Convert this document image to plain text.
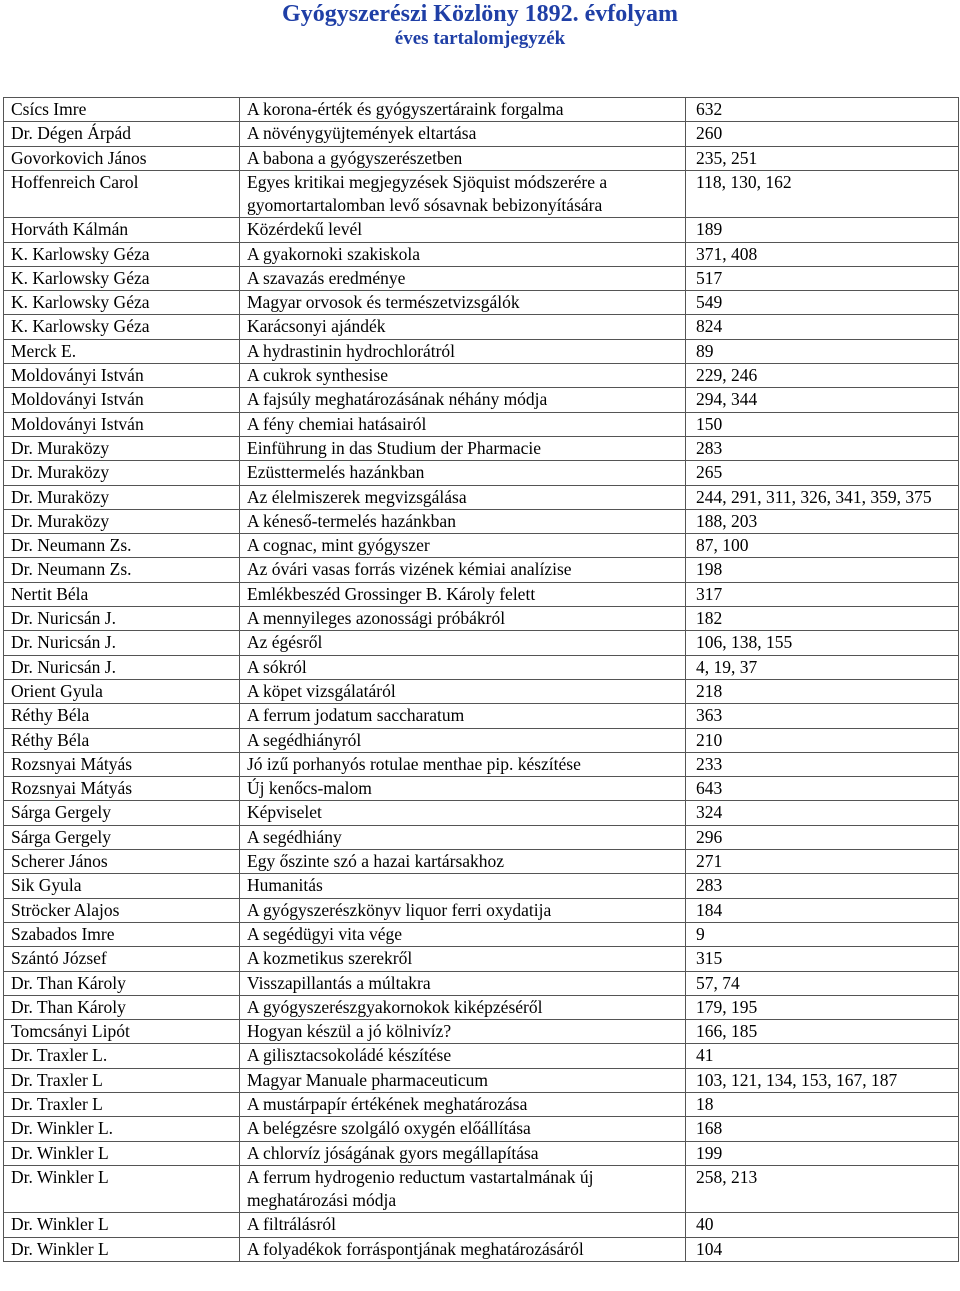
Gyógyszerészi Közlöny 1892. évfolyam
éves tartalomjegyzék
Csícs Imre	A korona-érték és gyógyszertáraink forgalma	632
Dr. Dégen Árpád	A növénygyüjtemények eltartása	260
Govorkovich János	A babona a gyógyszerészetben	235, 251
Hoffenreich Carol	Egyes kritikai megjegyzések Sjöquist módszerére a gyomortartalomban levő sósavnak bebizonyítására	118, 130, 162
Horváth Kálmán	Közérdekű levél	189
K. Karlowsky Géza	A gyakornoki szakiskola	371, 408
K. Karlowsky Géza	A szavazás eredménye	517
K. Karlowsky Géza	Magyar orvosok és természetvizsgálók	549
K. Karlowsky Géza	Karácsonyi ajándék	824
Merck E.	A hydrastinin hydrochlorátról	89
Moldoványi István	A cukrok synthesise	229, 246
Moldoványi István	A fajsúly meghatározásának néhány módja	294, 344
Moldoványi István	A fény chemiai hatásairól	150
Dr. Muraközy	Einführung in das Studium der Pharmacie	283
Dr. Muraközy	Ezüsttermelés hazánkban	265
Dr. Muraközy	Az élelmiszerek megvizsgálása	244, 291, 311, 326, 341, 359, 375
Dr. Muraközy	A kéneső-termelés hazánkban	188, 203
Dr. Neumann Zs.	A cognac, mint gyógyszer	87, 100
Dr. Neumann Zs.	Az óvári vasas forrás vizének kémiai analízise	198
Nertit Béla	Emlékbeszéd Grossinger B. Károly felett	317
Dr. Nuricsán J.	A mennyileges azonossági próbákról	182
Dr. Nuricsán J.	Az égésről	106, 138, 155
Dr. Nuricsán J.	A sókról	4, 19, 37
Orient Gyula	A köpet vizsgálatáról	218
Réthy Béla	A ferrum jodatum saccharatum	363
Réthy Béla	A segédhiányról	210
Rozsnyai Mátyás	Jó izű porhanyós rotulae menthae pip. készítése	233
Rozsnyai Mátyás	Új kenőcs-malom	643
Sárga Gergely	Képviselet	324
Sárga Gergely	A segédhiány	296
Scherer János	Egy őszinte szó a hazai kartársakhoz	271
Sik Gyula	Humanitás	283
Ströcker Alajos	A gyógyszerészkönyv liquor ferri oxydatija	184
Szabados Imre	A segédügyi vita vége	9
Szántó József	A kozmetikus szerekről	315
Dr. Than Károly	Visszapillantás a múltakra	57, 74
Dr. Than Károly	A gyógyszerészgyakornokok kiképzéséről	179, 195
Tomcsányi Lipót	Hogyan készül a jó kölnivíz?	166, 185
Dr. Traxler L.	A gilisztacsokoládé készítése	41
Dr. Traxler L	Magyar Manuale pharmaceuticum	103, 121, 134, 153, 167, 187
Dr. Traxler L	A mustárpapír értékének meghatározása	18
Dr. Winkler L.	A belégzésre szolgáló oxygén előállítása	168
Dr. Winkler L	A chlorvíz jóságának gyors megállapítása	199
Dr. Winkler L	A ferrum hydrogenio reductum vastartalmának új meghatározási módja	258, 213
Dr. Winkler L	A filtrálásról	40
Dr. Winkler L	A folyadékok forráspontjának meghatározásáról	104
